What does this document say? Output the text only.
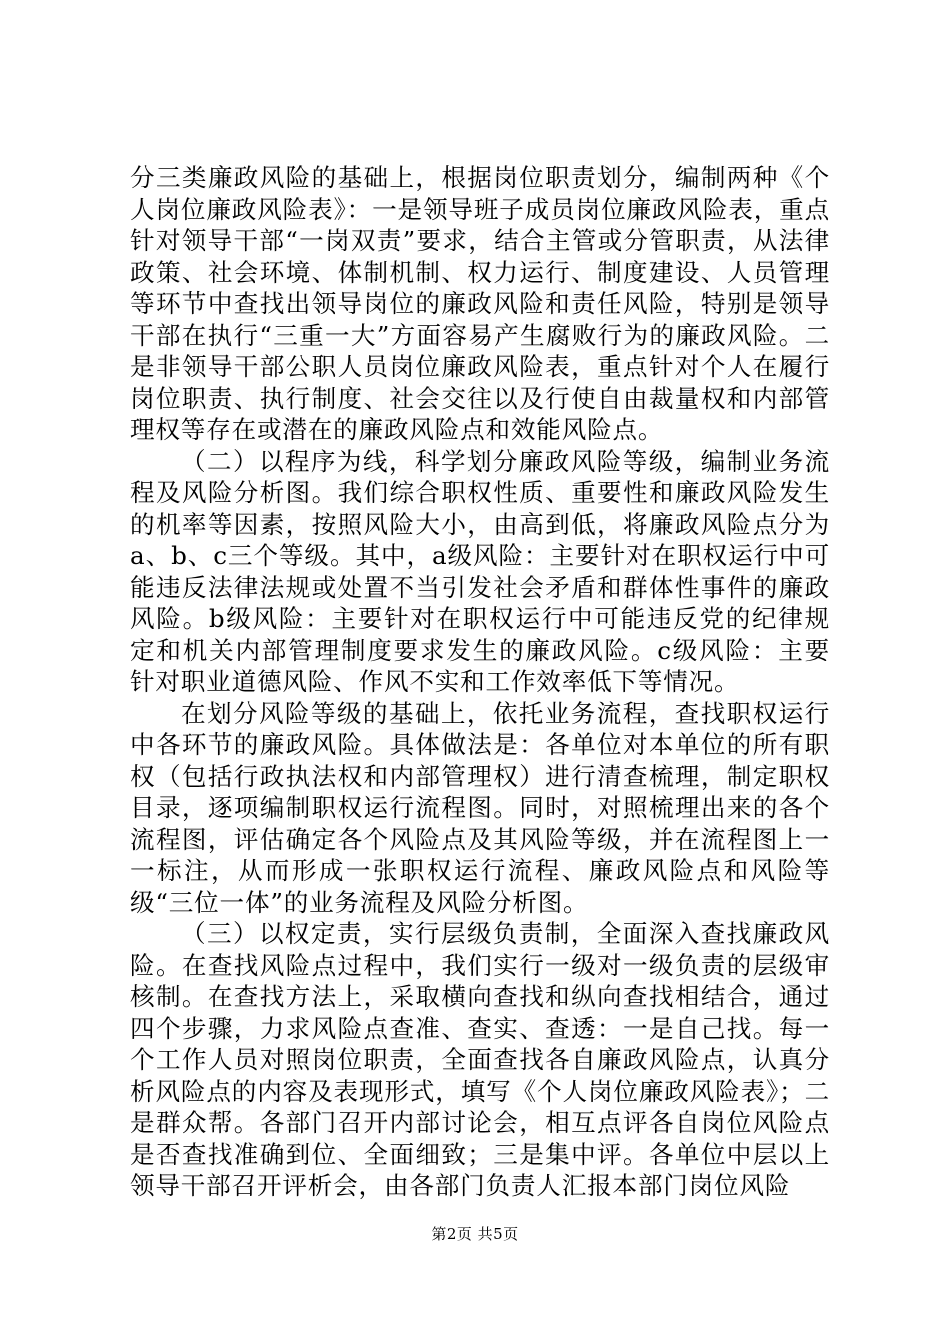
分三类廉政风险的基础上，根据岗位职责划分，编制两种《个人岗位廉政风险表》：一是领导班子成员岗位廉政风险表，重点针对领导干部“一岗双责”要求，结合主管或分管职责，从法律政策、社会环境、体制机制、权力运行、制度建设、人员管理等环节中查找出领导岗位的廉政风险和责任风险，特别是领导干部在执行“三重一大”方面容易产生腐败行为的廉政风险。二是非领导干部公职人员岗位廉政风险表，重点针对个人在履行岗位职责、执行制度、社会交往以及行使自由裁量权和内部管理权等存在或潜在的廉政风险点和效能风险点。

（二）以程序为线，科学划分廉政风险等级，编制业务流程及风险分析图。我们综合职权性质、重要性和廉政风险发生的机率等因素，按照风险大小，由高到低，将廉政风险点分为a、b、c三个等级。其中，a级风险：主要针对在职权运行中可能违反法律法规或处置不当引发社会矛盾和群体性事件的廉政风险。b级风险：主要针对在职权运行中可能违反党的纪律规定和机关内部管理制度要求发生的廉政风险。c级风险：主要针对职业道德风险、作风不实和工作效率低下等情况。

在划分风险等级的基础上，依托业务流程，查找职权运行中各环节的廉政风险。具体做法是：各单位对本单位的所有职权（包括行政执法权和内部管理权）进行清查梳理，制定职权目录，逐项编制职权运行流程图。同时，对照梳理出来的各个流程图，评估确定各个风险点及其风险等级，并在流程图上一一标注，从而形成一张职权运行流程、廉政风险点和风险等级“三位一体”的业务流程及风险分析图。

（三）以权定责，实行层级负责制，全面深入查找廉政风险。在查找风险点过程中，我们实行一级对一级负责的层级审核制。在查找方法上，采取横向查找和纵向查找相结合，通过四个步骤，力求风险点查准、查实、查透：一是自己找。每一个工作人员对照岗位职责，全面查找各自廉政风险点，认真分析风险点的内容及表现形式，填写《个人岗位廉政风险表》；二是群众帮。各部门召开内部讨论会，相互点评各自岗位风险点是否查找准确到位、全面细致；三是集中评。各单位中层以上领导干部召开评析会，由各部门负责人汇报本部门岗位风险

第2页 共5页
